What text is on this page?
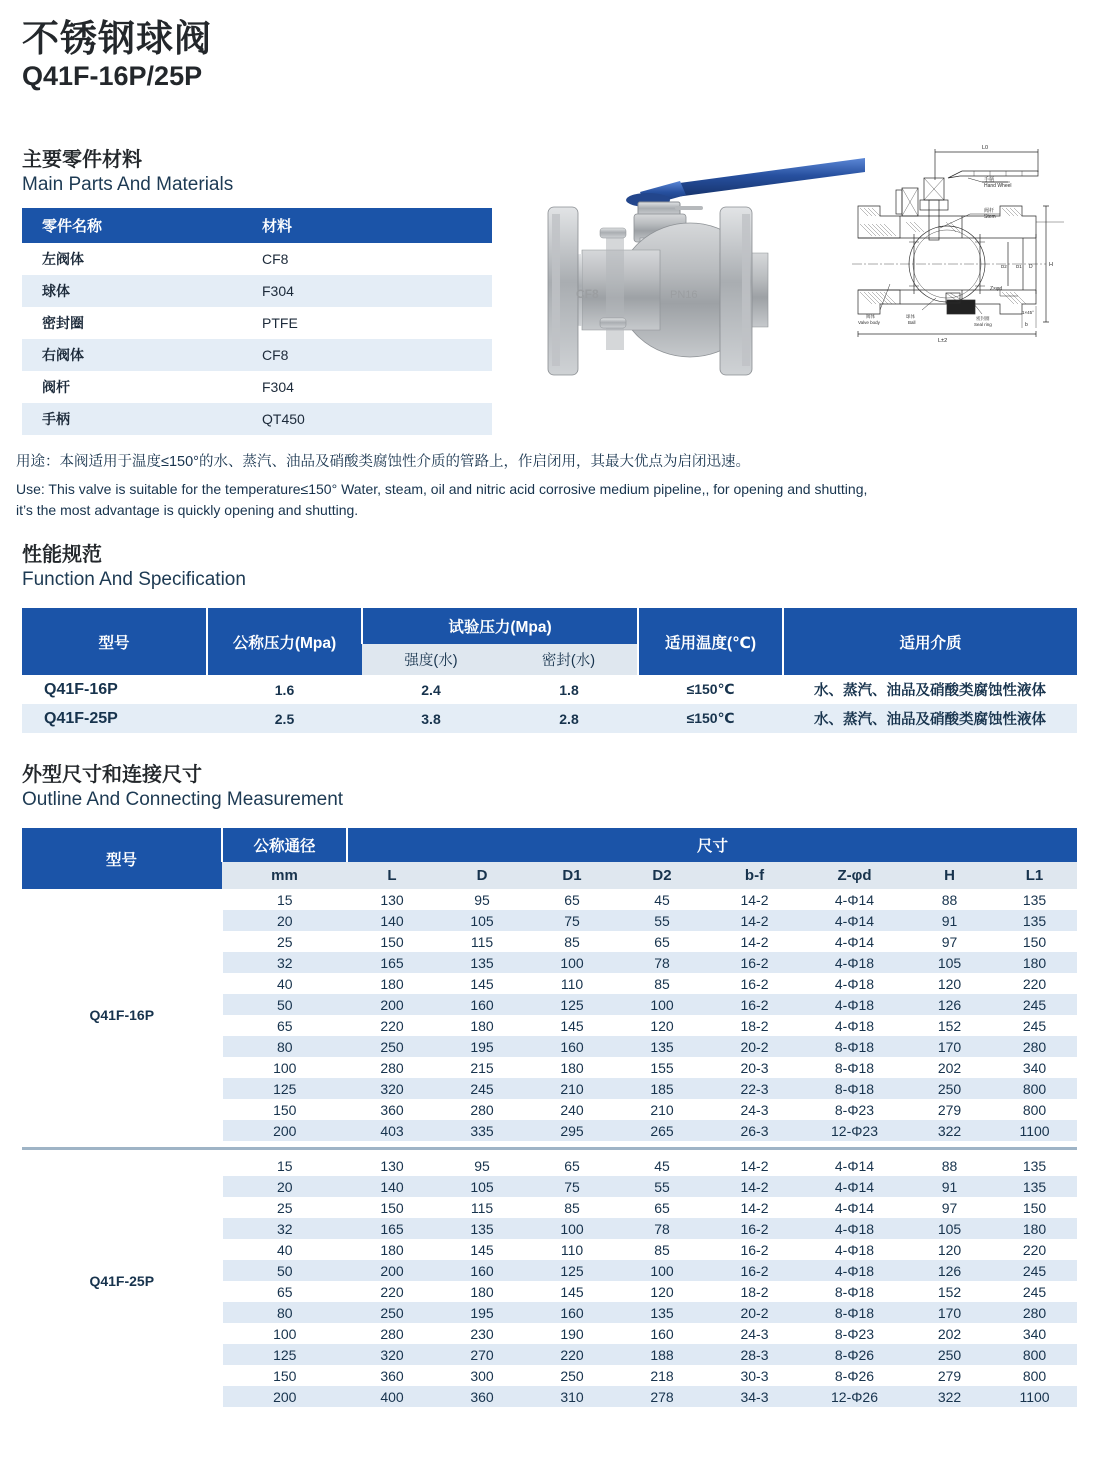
不锈钢球阀
Q41F-16P/25P
主要零件材料
Main Parts And Materials
零件名称	材料
左阀体	CF8
球体	F304
密封圈	PTFE
右阀体	CF8
阀杆	F304
手柄	QT450
CF8	PN16
L0
H
D
D1
D2
L±2
b
手柄
Hand Wheel
阀杆
Stem
阀体
Valve body
球体
Ball
密封圈
Seal ring
Z×φd
1×45°
用途：本阀适用于温度≤150°的水、蒸汽、油品及硝酸类腐蚀性介质的管路上，作启闭用，其最大优点为启闭迅速。
Use: This valve is suitable for the temperature≤150° Water, steam, oil and nitric acid corrosive medium pipeline,, for opening and shutting,
it’s the most advantage is quickly opening and shutting.
性能规范
Function And Specification
型号	公称压力(Mpa)	试验压力(Mpa)		适用温度(℃)	适用介质
		强度(水)	密封(水)		
Q41F-16P	1.6	2.4	1.8	≤150℃	水、蒸汽、油品及硝酸类腐蚀性液体
Q41F-25P	2.5	3.8	2.8	≤150℃	水、蒸汽、油品及硝酸类腐蚀性液体
外型尺寸和连接尺寸
Outline And Connecting Measurement
型号	公称通径	尺寸							
	mm	L	D	D1	D2	b-f	Z-φd	H	L1
Q41F-16P	15	130	95	65	45	14-2	4-Φ14	88	135
	20	140	105	75	55	14-2	4-Φ14	91	135
	25	150	115	85	65	14-2	4-Φ14	97	150
	32	165	135	100	78	16-2	4-Φ18	105	180
	40	180	145	110	85	16-2	4-Φ18	120	220
	50	200	160	125	100	16-2	4-Φ18	126	245
	65	220	180	145	120	18-2	4-Φ18	152	245
	80	250	195	160	135	20-2	8-Φ18	170	280
	100	280	215	180	155	20-3	8-Φ18	202	340
	125	320	245	210	185	22-3	8-Φ18	250	800
	150	360	280	240	210	24-3	8-Φ23	279	800
	200	403	335	295	265	26-3	12-Φ23	322	1100

Q41F-25P	15	130	95	65	45	14-2	4-Φ14	88	135
	20	140	105	75	55	14-2	4-Φ14	91	135
	25	150	115	85	65	14-2	4-Φ14	97	150
	32	165	135	100	78	16-2	4-Φ18	105	180
	40	180	145	110	85	16-2	4-Φ18	120	220
	50	200	160	125	100	16-2	4-Φ18	126	245
	65	220	180	145	120	18-2	8-Φ18	152	245
	80	250	195	160	135	20-2	8-Φ18	170	280
	100	280	230	190	160	24-3	8-Φ23	202	340
	125	320	270	220	188	28-3	8-Φ26	250	800
	150	360	300	250	218	30-3	8-Φ26	279	800
	200	400	360	310	278	34-3	12-Φ26	322	1100
